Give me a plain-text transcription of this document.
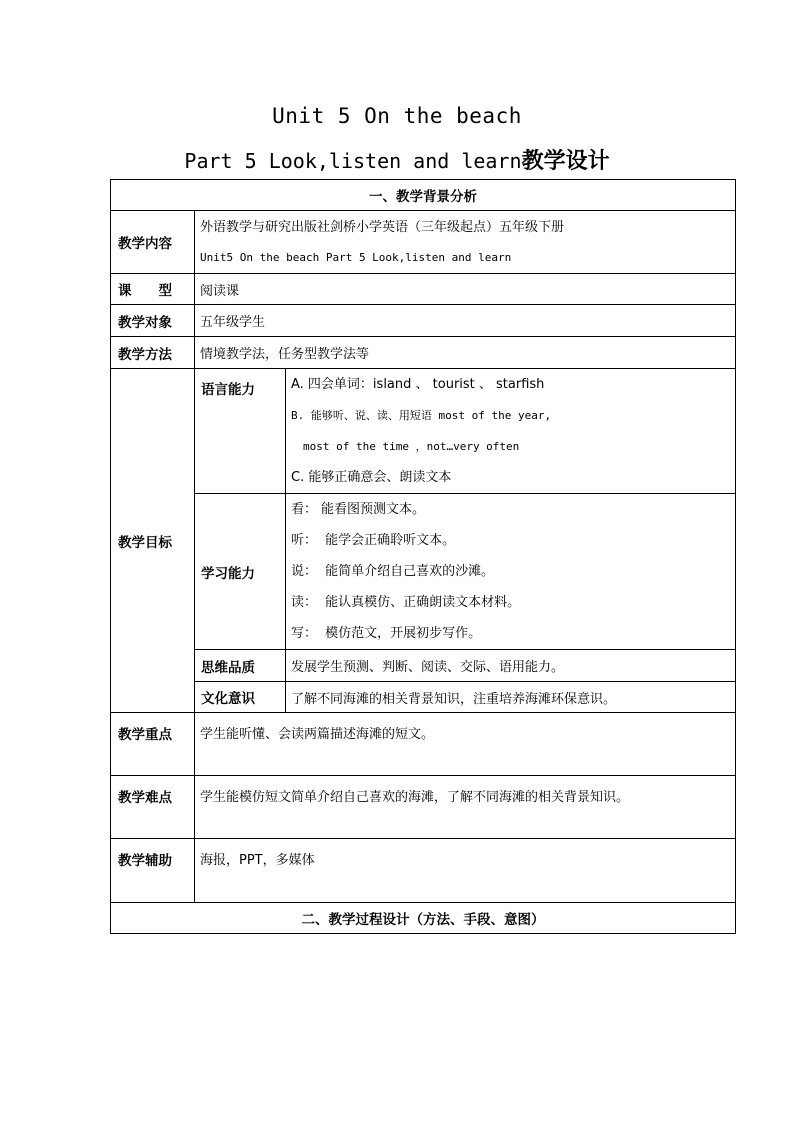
Unit 5 On the beach
Part 5 Look,listen and learn教学设计
一、教学背景分析		
教学内容	外语教学与研究出版社剑桥小学英语（三年级起点）五年级下册
Unit5 On the beach Part 5 Look,listen and learn	

课　　型	阅读课	
教学对象	五年级学生	
教学方法	情境教学法，任务型教学法等	
教学目标	语言能力	A. 四会单词：island 、 tourist 、 starfish
B. 能够听、说、读、用短语 most of the year,
most of the time ，not…very often
C. 能够正确意会、朗读文本

	学习能力	看： 能看图预测文本。
听： 能学会正确聆听文本。
说： 能简单介绍自己喜欢的沙滩。
读： 能认真模仿、正确朗读文本材料。
写： 模仿范文，开展初步写作。

	思维品质	发展学生预测、判断、阅读、交际、语用能力。
	文化意识	了解不同海滩的相关背景知识，注重培养海滩环保意识。
教学重点	学生能听懂、会读两篇描述海滩的短文。	
教学难点	学生能模仿短文简单介绍自己喜欢的海滩，了解不同海滩的相关背景知识。	
教学辅助	海报，PPT，多媒体	
二、教学过程设计（方法、手段、意图）		
